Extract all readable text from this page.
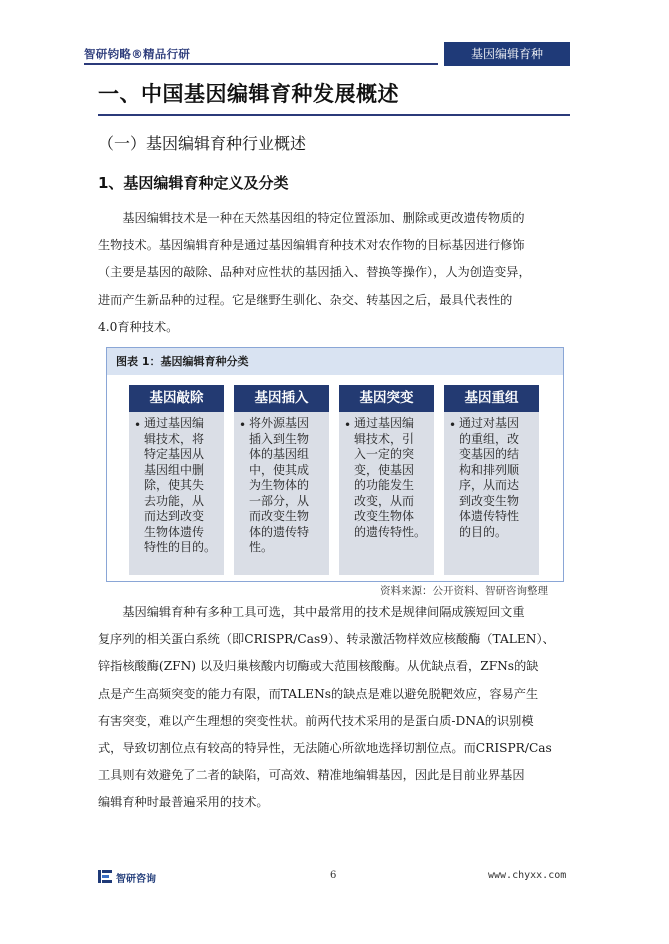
智研钧略®精品行研	基因编辑育种
一、中国基因编辑育种发展概述
（一）基因编辑育种行业概述
1、基因编辑育种定义及分类
　　基因编辑技术是一种在天然基因组的特定位置添加、删除或更改遗传物质的
生物技术。基因编辑育种是通过基因编辑育种技术对农作物的目标基因进行修饰
（主要是基因的敲除、品种对应性状的基因插入、替换等操作），人为创造变异，
进而产生新品种的过程。它是继野生驯化、杂交、转基因之后，最具代表性的
4.0育种技术。
图表 1：基因编辑育种分类
基因敲除
• 通过基因编
辑技术，将
特定基因从
基因组中删
除，使其失
去功能，从
而达到改变
生物体遗传
特性的目的。
基因插入
• 将外源基因
插入到生物
体的基因组
中，使其成
为生物体的
一部分，从
而改变生物
体的遗传特
性。
基因突变
• 通过基因编
辑技术，引
入一定的突
变，使基因
的功能发生
改变，从而
改变生物体
的遗传特性。
基因重组
• 通过对基因
的重组，改
变基因的结
构和排列顺
序，从而达
到改变生物
体遗传特性
的目的。
资料来源：公开资料、智研咨询整理
　　基因编辑育种有多种工具可选，其中最常用的技术是规律间隔成簇短回文重
复序列的相关蛋白系统（即CRISPR/Cas9）、转录激活物样效应核酸酶（TALEN）、
锌指核酸酶(ZFN) 以及归巢核酸内切酶或大范围核酸酶。从优缺点看，ZFNs的缺
点是产生高频突变的能力有限，而TALENs的缺点是难以避免脱靶效应，容易产生
有害突变，难以产生理想的突变性状。前两代技术采用的是蛋白质-DNA的识别模
式，导致切割位点有较高的特异性，无法随心所欲地选择切割位点。而CRISPR/Cas
工具则有效避免了二者的缺陷，可高效、精准地编辑基因，因此是目前业界基因
编辑育种时最普遍采用的技术。
智研咨询	6	www.chyxx.com
